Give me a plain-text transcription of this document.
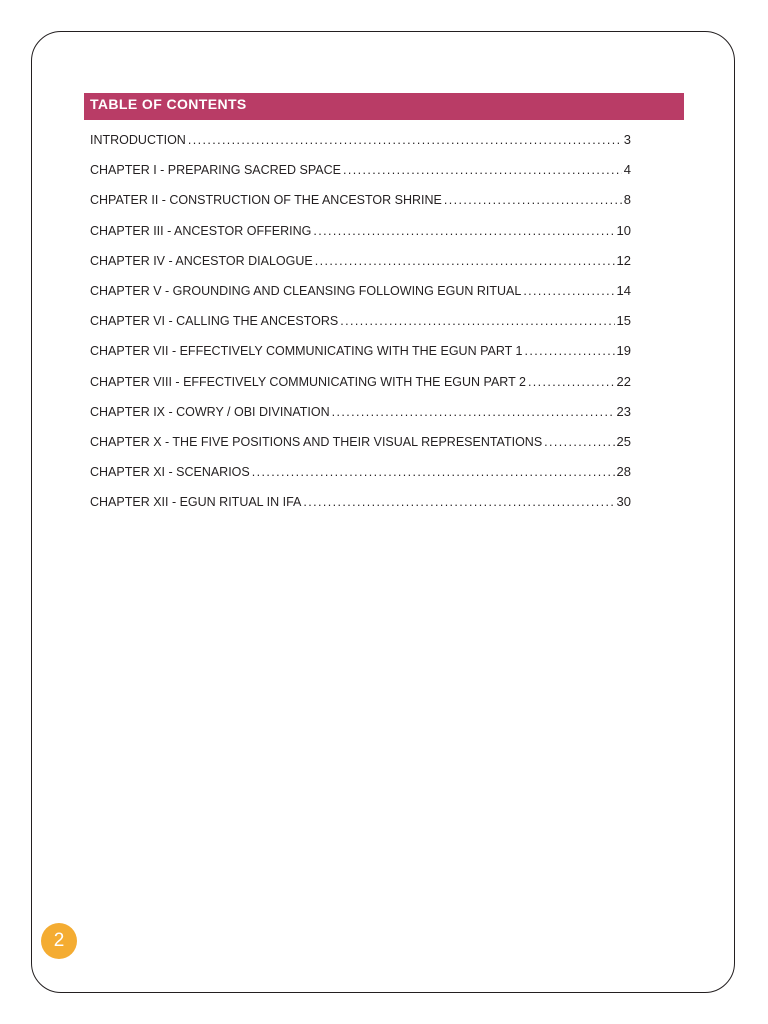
TABLE OF CONTENTS
INTRODUCTION .....	3
CHAPTER I - PREPARING SACRED SPACE .....	4
CHPATER II - CONSTRUCTION OF THE ANCESTOR SHRINE .....	8
CHAPTER III - ANCESTOR OFFERING .....	10
CHAPTER IV - ANCESTOR DIALOGUE .....	12
CHAPTER V - GROUNDING AND CLEANSING FOLLOWING EGUN RITUAL .....	14
CHAPTER VI - CALLING THE ANCESTORS .....	15
CHAPTER VII - EFFECTIVELY COMMUNICATING WITH THE EGUN PART 1 .....	19
CHAPTER VIII - EFFECTIVELY COMMUNICATING WITH THE EGUN PART 2 .....	22
CHAPTER IX - COWRY / OBI DIVINATION .....	23
CHAPTER X - THE FIVE POSITIONS AND THEIR VISUAL REPRESENTATIONS .....	25
CHAPTER XI - SCENARIOS .....	28
CHAPTER XII - EGUN RITUAL IN IFA .....	30
2
